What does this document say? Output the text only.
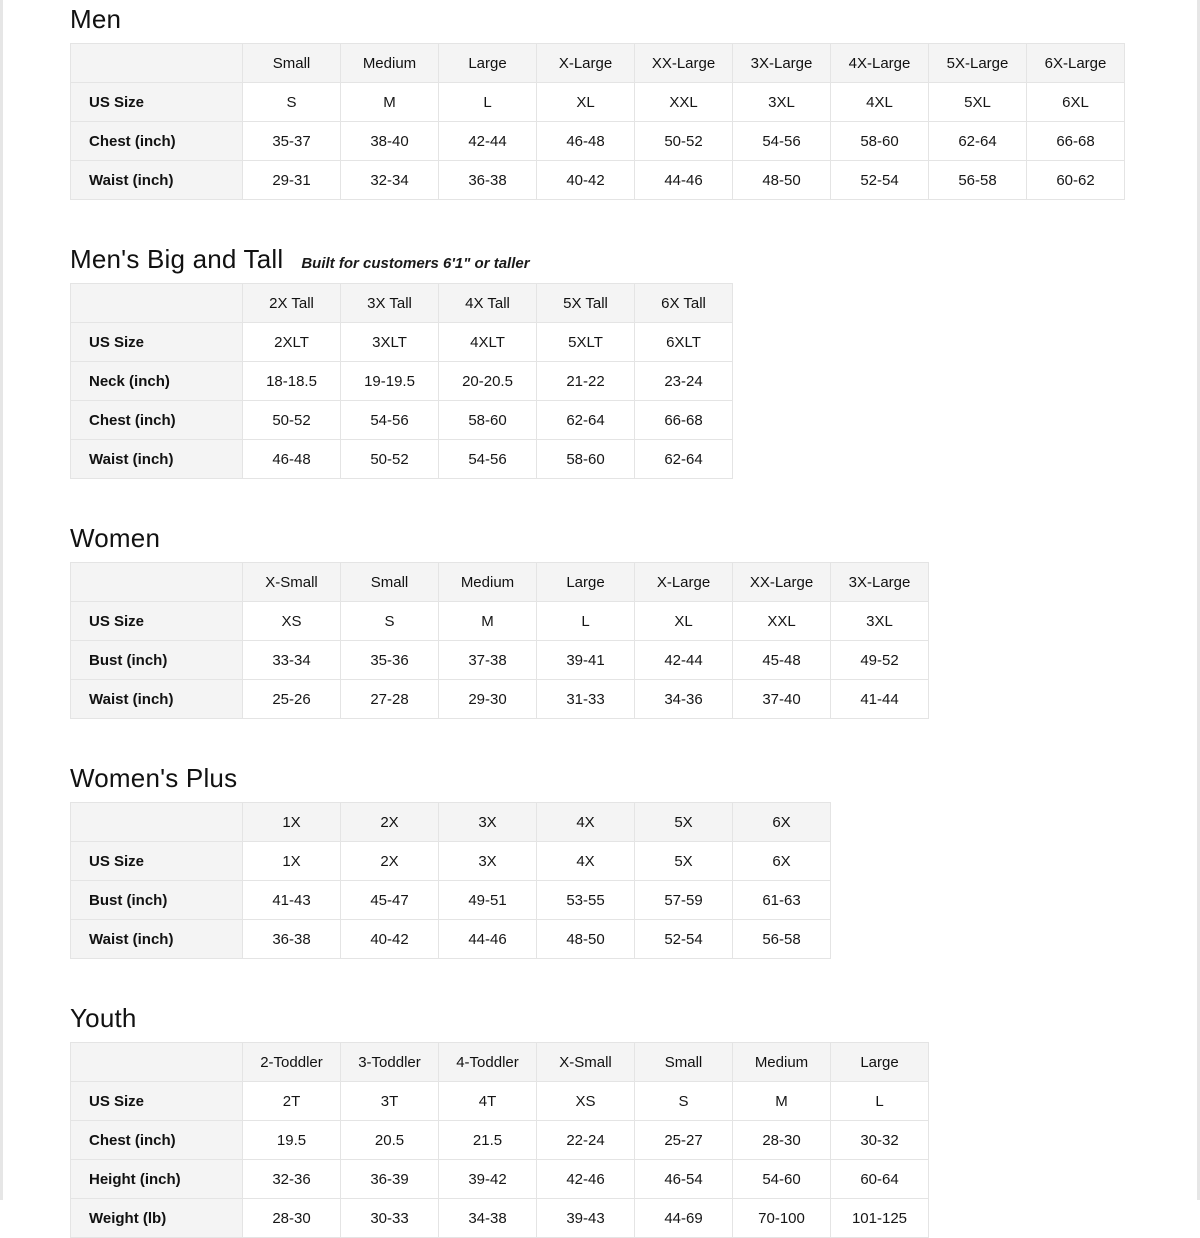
Men
	Small	Medium	Large	X-Large	XX-Large	3X-Large	4X-Large	5X-Large	6X-Large
US Size	S	M	L	XL	XXL	3XL	4XL	5XL	6XL
Chest (inch)	35-37	38-40	42-44	46-48	50-52	54-56	58-60	62-64	66-68
Waist (inch)	29-31	32-34	36-38	40-42	44-46	48-50	52-54	56-58	60-62
Men's Big and Tall Built for customers 6'1" or taller
	2X Tall	3X Tall	4X Tall	5X Tall	6X Tall
US Size	2XLT	3XLT	4XLT	5XLT	6XLT
Neck (inch)	18-18.5	19-19.5	20-20.5	21-22	23-24
Chest (inch)	50-52	54-56	58-60	62-64	66-68
Waist (inch)	46-48	50-52	54-56	58-60	62-64
Women
	X-Small	Small	Medium	Large	X-Large	XX-Large	3X-Large
US Size	XS	S	M	L	XL	XXL	3XL
Bust (inch)	33-34	35-36	37-38	39-41	42-44	45-48	49-52
Waist (inch)	25-26	27-28	29-30	31-33	34-36	37-40	41-44
Women's Plus
	1X	2X	3X	4X	5X	6X
US Size	1X	2X	3X	4X	5X	6X
Bust (inch)	41-43	45-47	49-51	53-55	57-59	61-63
Waist (inch)	36-38	40-42	44-46	48-50	52-54	56-58
Youth
	2-Toddler	3-Toddler	4-Toddler	X-Small	Small	Medium	Large
US Size	2T	3T	4T	XS	S	M	L
Chest (inch)	19.5	20.5	21.5	22-24	25-27	28-30	30-32
Height (inch)	32-36	36-39	39-42	42-46	46-54	54-60	60-64
Weight (lb)	28-30	30-33	34-38	39-43	44-69	70-100	101-125
